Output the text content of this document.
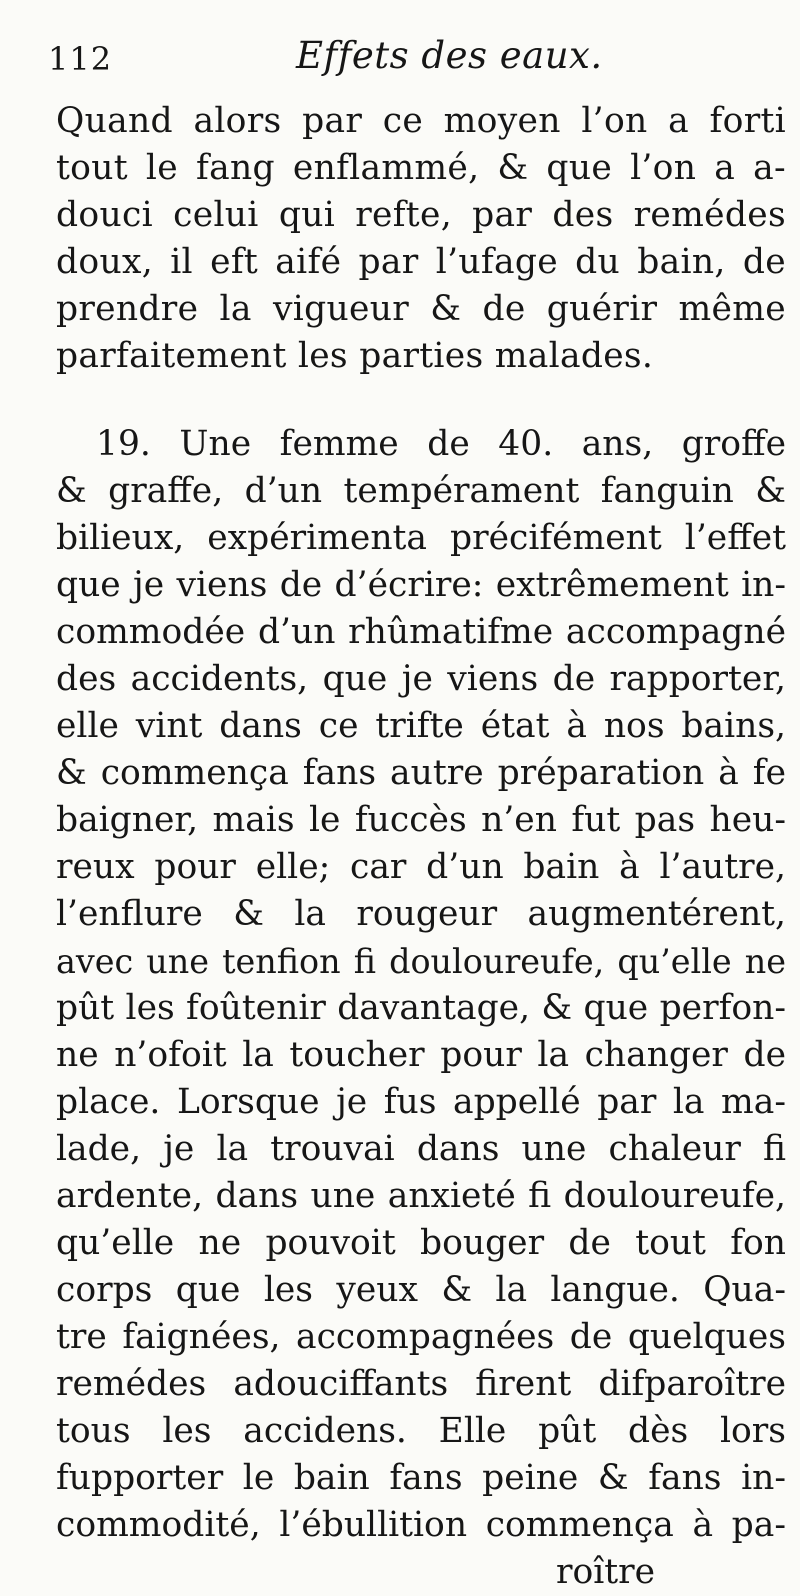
112	Effets des eaux.
Quand alors par ce moyen l’on a forti
tout le fang enflammé, & que l’on a a-
douci celui qui refte, par des remédes
doux, il eft aifé par l’ufage du bain, de
prendre la vigueur & de guérir même
parfaitement les parties malades.
19. Une femme de 40. ans, groffe
& graffe, d’un tempérament fanguin &
bilieux, expérimenta précifément l’effet
que je viens de d’écrire: extrêmement in-
commodée d’un rhûmatifme accompagné
des accidents, que je viens de rapporter,
elle vint dans ce trifte état à nos bains,
& commença fans autre préparation à fe
baigner, mais le fuccès n’en fut pas heu-
reux pour elle; car d’un bain à l’autre,
l’enflure & la rougeur augmentérent,
avec une tenfion fi douloureufe, qu’elle ne
pût les foûtenir davantage, & que perfon-
ne n’ofoit la toucher pour la changer de
place. Lorsque je fus appellé par la ma-
lade, je la trouvai dans une chaleur fi
ardente, dans une anxieté fi douloureufe,
qu’elle ne pouvoit bouger de tout fon
corps que les yeux & la langue. Qua-
tre faignées, accompagnées de quelques
remédes adouciffants firent difparoître
tous les accidens. Elle pût dès lors
fupporter le bain fans peine & fans in-
commodité, l’ébullition commença à pa-
roître
